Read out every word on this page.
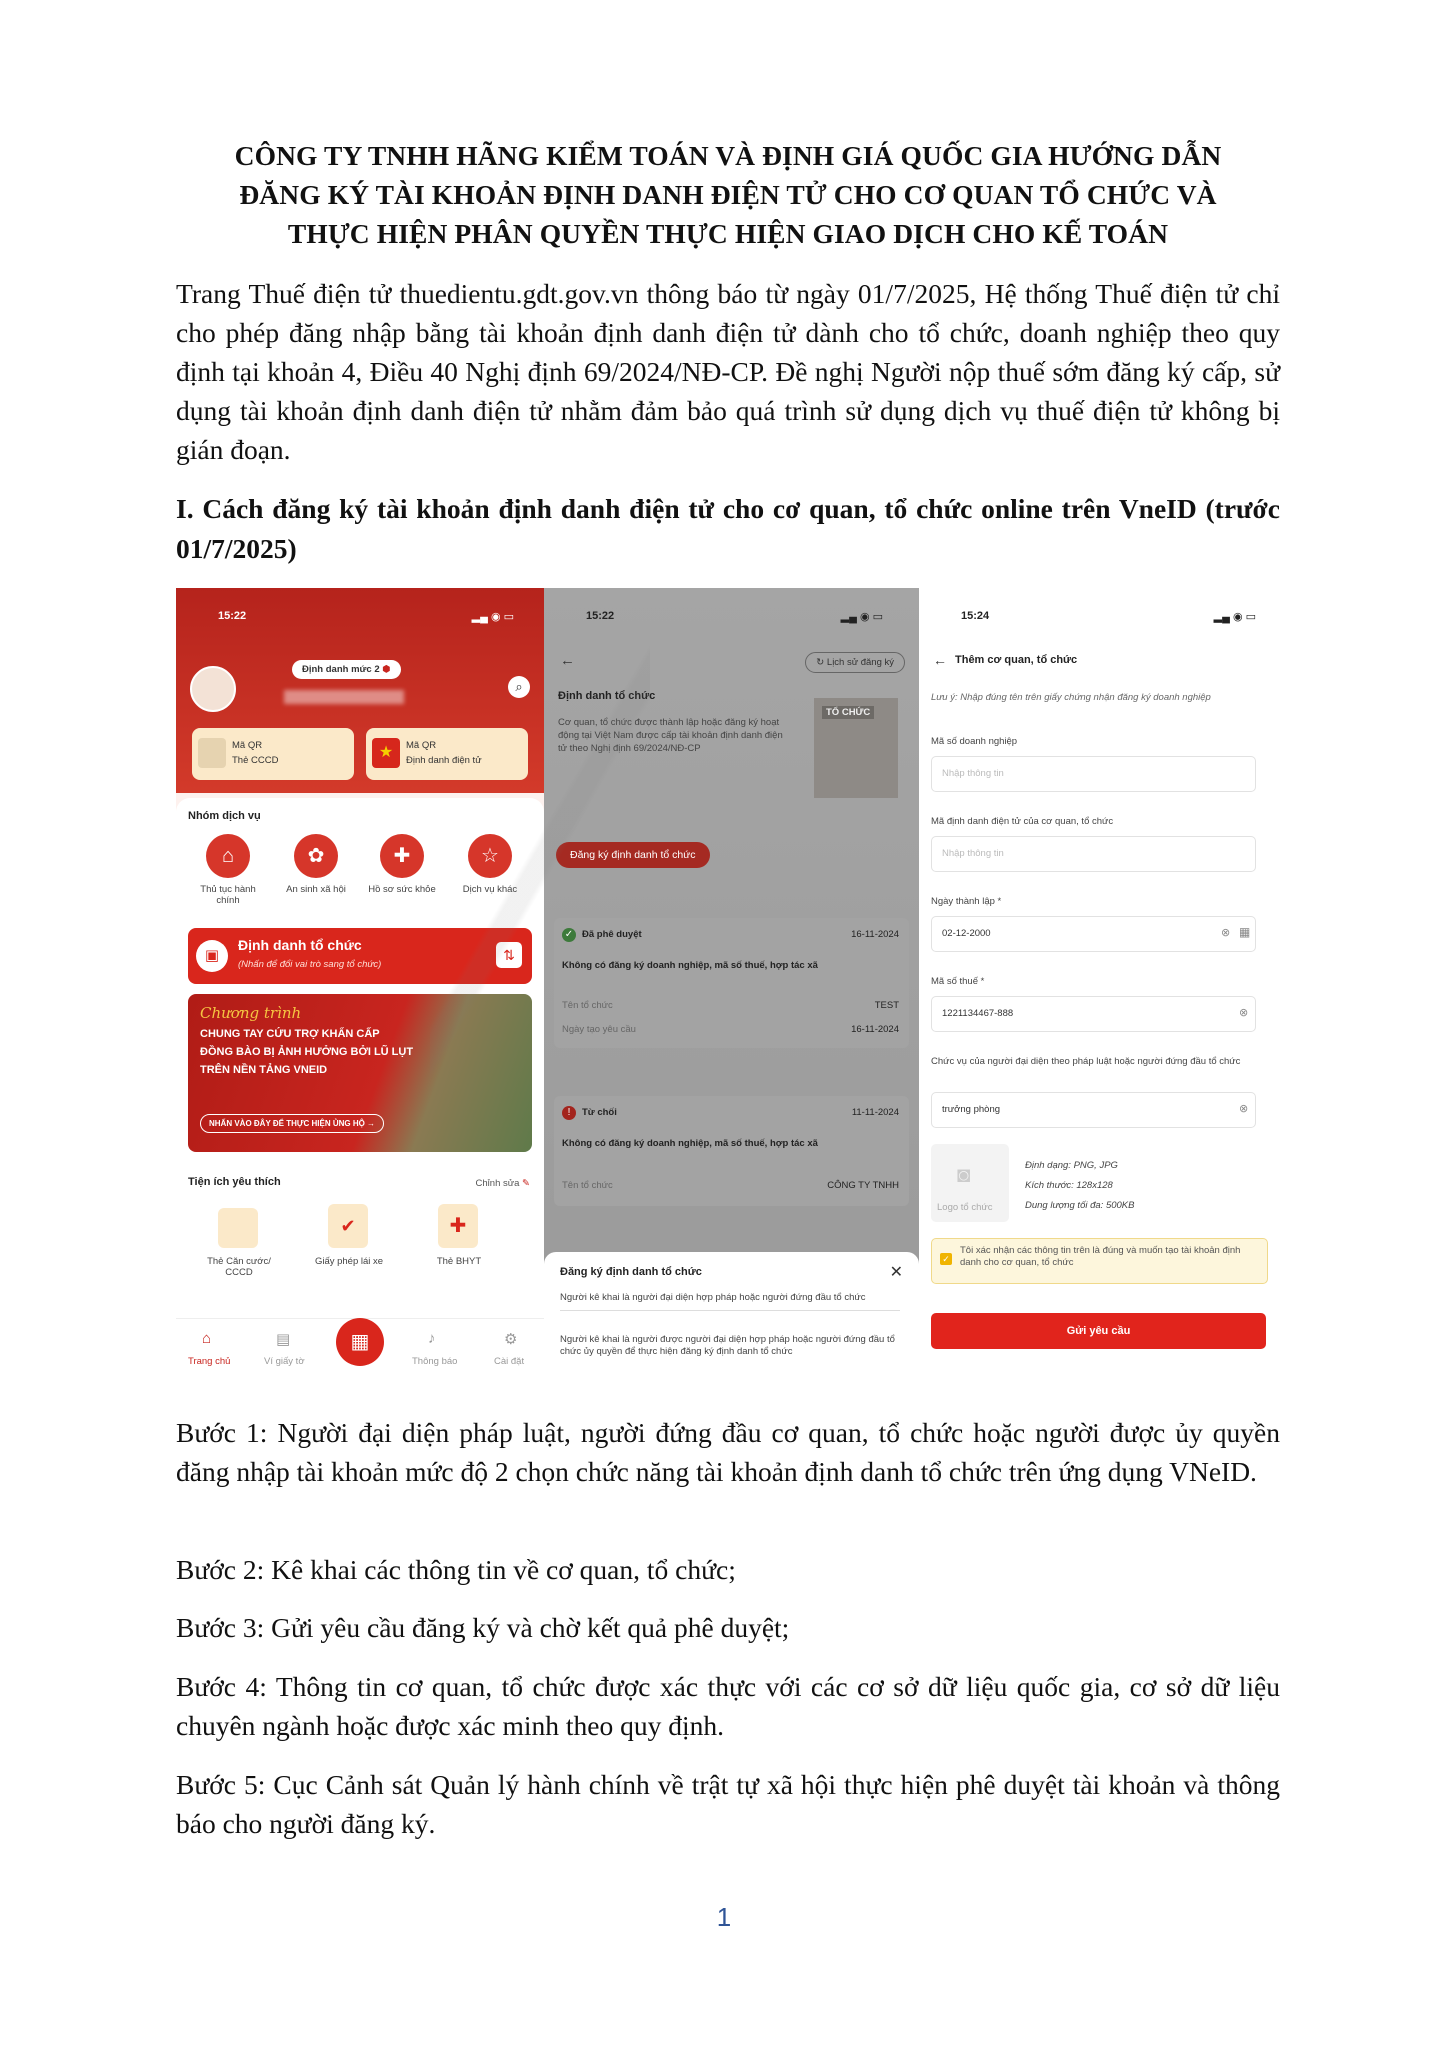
CÔNG TY TNHH HÃNG KIỂM TOÁN VÀ ĐỊNH GIÁ QUỐC GIA HƯỚNG DẪN
ĐĂNG KÝ TÀI KHOẢN ĐỊNH DANH ĐIỆN TỬ CHO CƠ QUAN TỔ CHỨC VÀ
THỰC HIỆN PHÂN QUYỀN THỰC HIỆN GIAO DỊCH CHO KẾ TOÁN
Trang Thuế điện tử thuedientu.gdt.gov.vn thông báo từ ngày 01/7/2025, Hệ thống Thuế điện tử chỉ cho phép đăng nhập bằng tài khoản định danh điện tử dành cho tổ chức, doanh nghiệp theo quy định tại khoản 4, Điều 40 Nghị định 69/2024/NĐ-CP. Đề nghị Người nộp thuế sớm đăng ký cấp, sử dụng tài khoản định danh điện tử nhằm đảm bảo quá trình sử dụng dịch vụ thuế điện tử không bị gián đoạn.
I. Cách đăng ký tài khoản định danh điện tử cho cơ quan, tổ chức online trên VneID (trước 01/7/2025)
15:22	▂▄ ◉ ▭
Định danh mức 2 ⬢
⌕
Mã QR
Thẻ CCCD	★	Mã QR
Định danh điện tử
Nhóm dịch vụ
⌂	✿	✚	☆
Thủ tục hành chính
An sinh xã hội	Hồ sơ sức khỏe	Dịch vụ khác
▣
Định danh tổ chức
(Nhấn để đổi vai trò sang tổ chức)
⇅
Chương trình
CHUNG TAY CỨU TRỢ KHẨN CẤP
ĐỒNG BÀO BỊ ẢNH HƯỞNG BỞI LŨ LỤT
TRÊN NỀN TẢNG VNEID
NHẤN VÀO ĐÂY ĐỂ THỰC HIỆN ỦNG HỘ →
Tiện ích yêu thích	Chỉnh sửa ✎
✔	✚
Thẻ Căn cước/ CCCD
Giấy phép lái xe	Thẻ BHYT
⌂
Trang chủ
▤
Ví giấy tờ
▦	♪
Thông báo
⚙
Cài đặt
15:22	▂▄ ◉ ▭
←	↻ Lịch sử đăng ký
Định danh tổ chức
Cơ quan, tổ chức được thành lập hoặc đăng ký hoạt động tại Việt Nam được cấp tài khoản định danh điện tử theo Nghị định 69/2024/NĐ-CP
TỔ CHỨC
Đăng ký định danh tổ chức
✓ Đã phê duyệt	16-11-2024
Không có đăng ký doanh nghiệp, mã số thuế, hợp tác xã
Tên tổ chức	TEST
Ngày tạo yêu cầu	16-11-2024
!	Từ chối	11-11-2024
Không có đăng ký doanh nghiệp, mã số thuế, hợp tác xã
Tên tổ chức	CÔNG TY TNHH
Đăng ký định danh tổ chức	✕
Người kê khai là người đại diện hợp pháp hoặc người đứng đầu tổ chức
Người kê khai là người được người đại diện hợp pháp hoặc người đứng đầu tổ chức ủy quyền để thực hiện đăng ký định danh tổ chức
15:24	▂▄ ◉ ▭
← Thêm cơ quan, tổ chức
Lưu ý: Nhập đúng tên trên giấy chứng nhận đăng ký doanh nghiệp
Mã số doanh nghiệp
Nhập thông tin
Mã định danh điện tử của cơ quan, tổ chức
Nhập thông tin
Ngày thành lập *
02-12-2000	⊗ ▦
Mã số thuế *
1221134467-888	⊗
Chức vụ của người đại diện theo pháp luật hoặc người đứng đầu tổ chức
trưởng phòng	⊗
◙
Logo tổ chức
Định dạng: PNG, JPG
Kích thước: 128x128
Dung lượng tối đa: 500KB
✓
Tôi xác nhận các thông tin trên là đúng và muốn tạo tài khoản định danh cho cơ quan, tổ chức
Gửi yêu cầu
Bước 1: Người đại diện pháp luật, người đứng đầu cơ quan, tổ chức hoặc người được ủy quyền đăng nhập tài khoản mức độ 2 chọn chức năng tài khoản định danh tổ chức trên ứng dụng VNeID.
Bước 2: Kê khai các thông tin về cơ quan, tổ chức;
Bước 3: Gửi yêu cầu đăng ký và chờ kết quả phê duyệt;
Bước 4: Thông tin cơ quan, tổ chức được xác thực với các cơ sở dữ liệu quốc gia, cơ sở dữ liệu chuyên ngành hoặc được xác minh theo quy định.
Bước 5: Cục Cảnh sát Quản lý hành chính về trật tự xã hội thực hiện phê duyệt tài khoản và thông báo cho người đăng ký.
1
